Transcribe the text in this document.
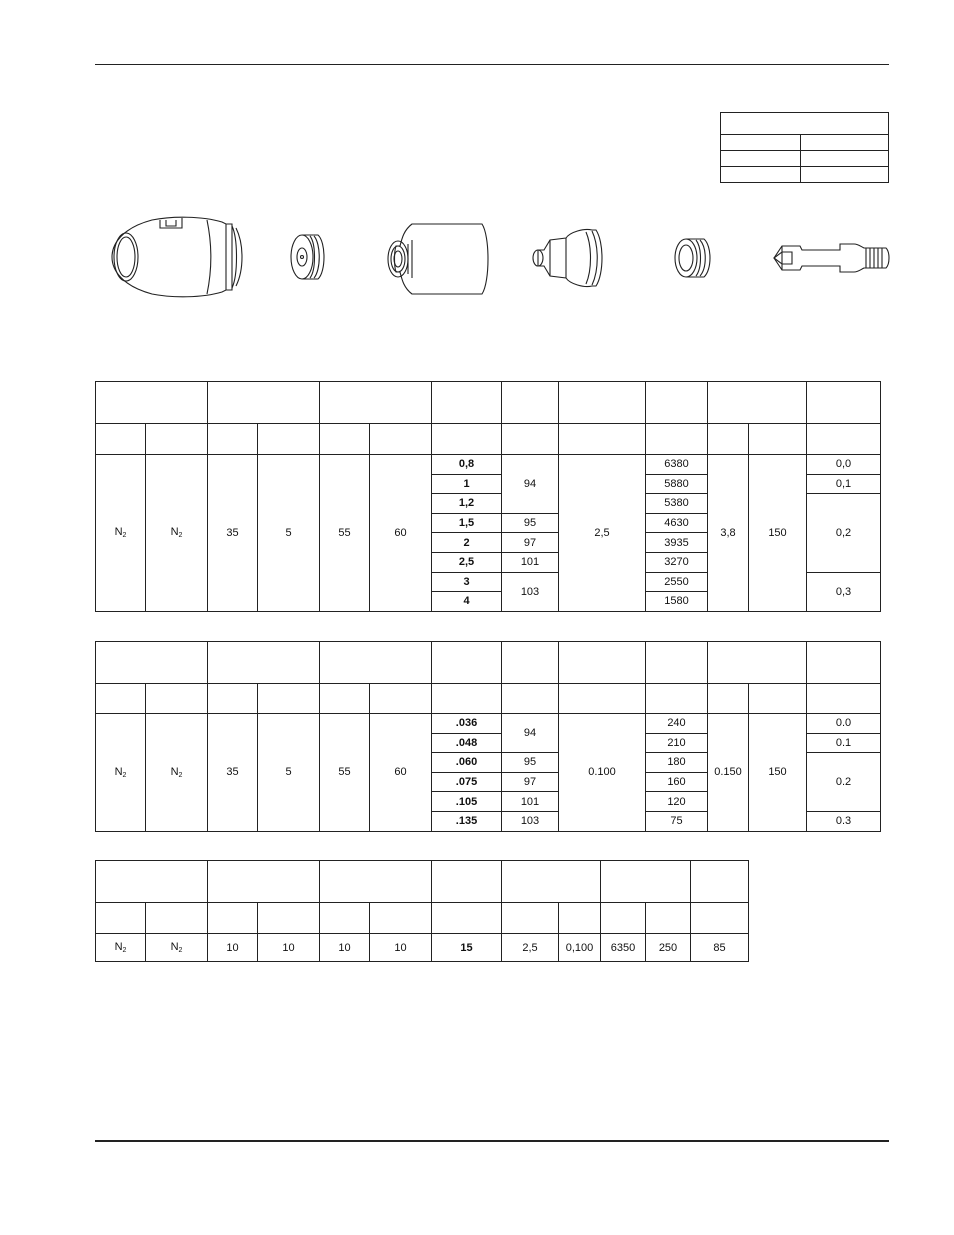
$N_2$	$N_2$	35	5	55	60	0,8	94	2,5	6380	3,8	150	0,0
						1			5880			0,1
						1,2			5380			0,2
						1,5	95		4630			
						2	97		3935			
						2,5	101		3270			
						3	103		2550			0,3
						4			1580			

$N_2$	$N_2$	35	5	55	60	.036	94	0.100	240	0.150	150	0.0
						.048			210			0.1
						.060	95		180			0.2
						.075	97		160			
						.105	101		120			
						.135	103		75			0.3

$N_2$	$N_2$	10	10	10	10	15	2,5	0,100	6350	250	85
